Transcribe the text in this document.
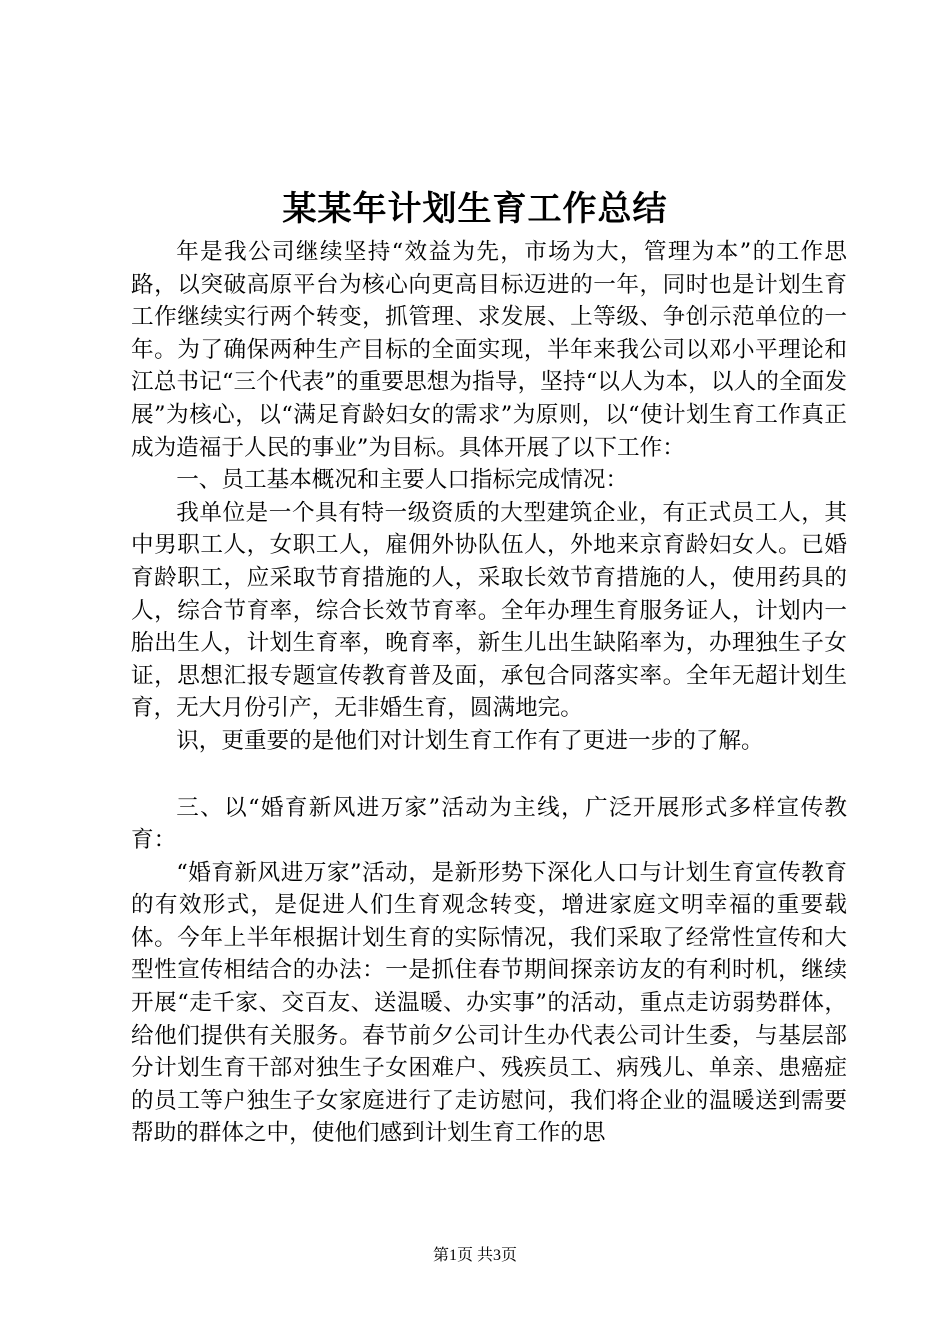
某某年计划生育工作总结

年是我公司继续坚持“效益为先，市场为大，管理为本”的工作思路，以突破高原平台为核心向更高目标迈进的一年，同时也是计划生育工作继续实行两个转变，抓管理、求发展、上等级、争创示范单位的一年。为了确保两种生产目标的全面实现，半年来我公司以邓小平理论和江总书记“三个代表”的重要思想为指导，坚持“以人为本，以人的全面发展”为核心，以“满足育龄妇女的需求”为原则，以“使计划生育工作真正成为造福于人民的事业”为目标。具体开展了以下工作：

一、员工基本概况和主要人口指标完成情况：

我单位是一个具有特一级资质的大型建筑企业，有正式员工人，其中男职工人，女职工人，雇佣外协队伍人，外地来京育龄妇女人。已婚育龄职工，应采取节育措施的人，采取长效节育措施的人，使用药具的人，综合节育率，综合长效节育率。全年办理生育服务证人，计划内一胎出生人，计划生育率，晚育率，新生儿出生缺陷率为，办理独生子女证，思想汇报专题宣传教育普及面，承包合同落实率。全年无超计划生育，无大月份引产，无非婚生育，圆满地完。

识，更重要的是他们对计划生育工作有了更进一步的了解。

三、以“婚育新风进万家”活动为主线，广泛开展形式多样宣传教育：

“婚育新风进万家”活动，是新形势下深化人口与计划生育宣传教育的有效形式，是促进人们生育观念转变，增进家庭文明幸福的重要载体。今年上半年根据计划生育的实际情况，我们采取了经常性宣传和大型性宣传相结合的办法：一是抓住春节期间探亲访友的有利时机，继续开展“走千家、交百友、送温暖、办实事”的活动，重点走访弱势群体，给他们提供有关服务。春节前夕公司计生办代表公司计生委，与基层部分计划生育干部对独生子女困难户、残疾员工、病残儿、单亲、患癌症的员工等户独生子女家庭进行了走访慰问，我们将企业的温暖送到需要帮助的群体之中，使他们感到计划生育工作的思

第1页 共3页
